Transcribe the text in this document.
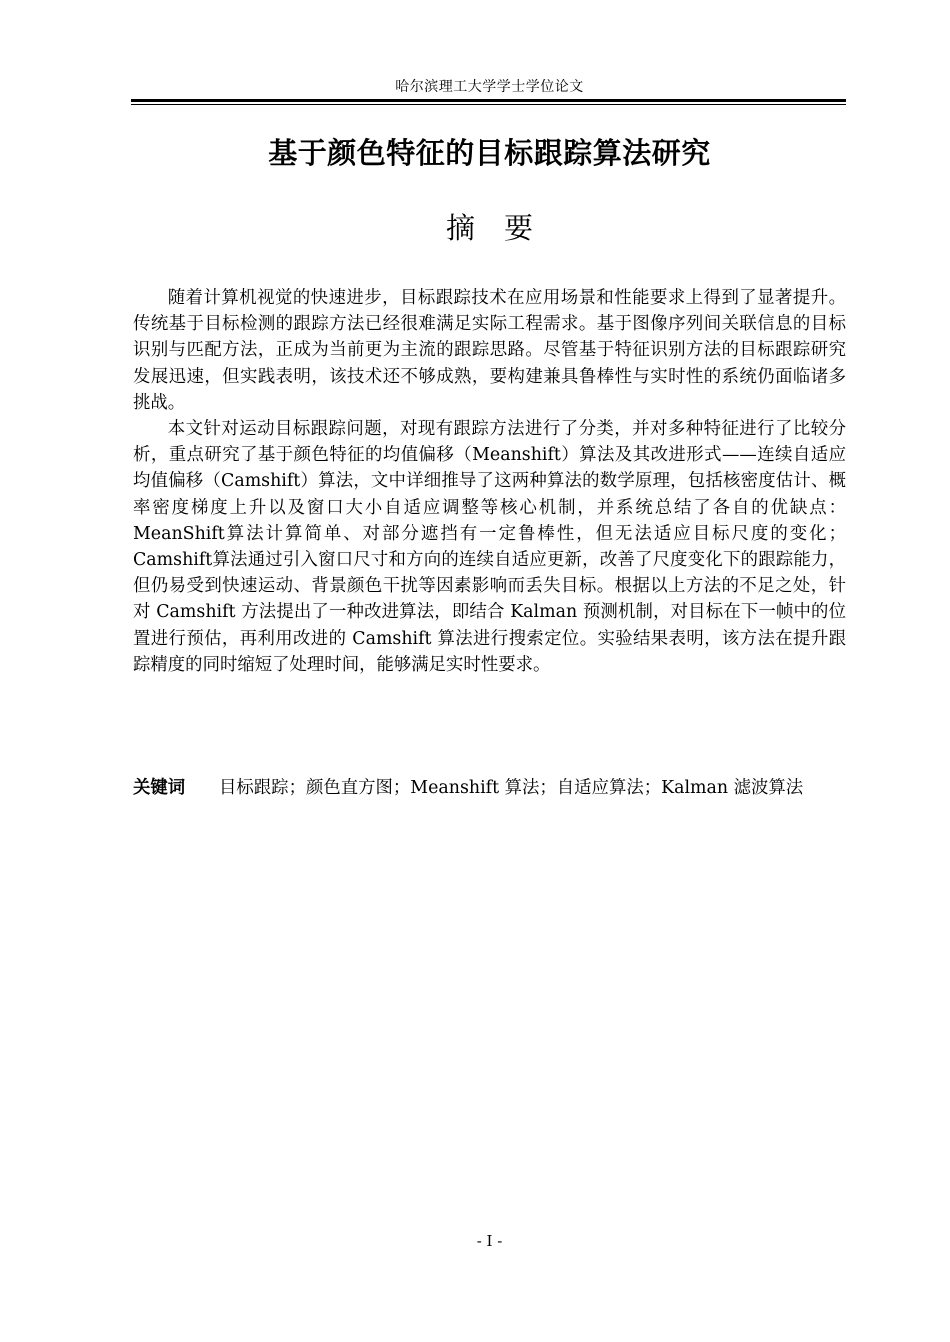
哈尔滨理工大学学士学位论文
基于颜色特征的目标跟踪算法研究
摘　要

随着计算机视觉的快速进步，目标跟踪技术在应用场景和性能要求上得到了显著提升。传统基于目标检测的跟踪方法已经很难满足实际工程需求。基于图像序列间关联信息的目标识别与匹配方法，正成为当前更为主流的跟踪思路。尽管基于特征识别方法的目标跟踪研究发展迅速，但实践表明，该技术还不够成熟，要构建兼具鲁棒性与实时性的系统仍面临诸多挑战。

本文针对运动目标跟踪问题，对现有跟踪方法进行了分类，并对多种特征进行了比较分析，重点研究了基于颜色特征的均值偏移（Meanshift）算法及其改进形式——连续自适应均值偏移（Camshift）算法，文中详细推导了这两种算法的数学原理，包括核密度估计、概率密度梯度上升以及窗口大小自适应调整等核心机制，并系统总结了各自的优缺点：MeanShift算法计算简单、对部分遮挡有一定鲁棒性，但无法适应目标尺度的变化；Camshift算法通过引入窗口尺寸和方向的连续自适应更新，改善了尺度变化下的跟踪能力，但仍易受到快速运动、背景颜色干扰等因素影响而丢失目标。根据以上方法的不足之处，针对 Camshift 方法提出了一种改进算法，即结合 Kalman 预测机制，对目标在下一帧中的位置进行预估，再利用改进的 Camshift 算法进行搜索定位。实验结果表明，该方法在提升跟踪精度的同时缩短了处理时间，能够满足实时性要求。

关键词	目标跟踪；颜色直方图；Meanshift 算法；自适应算法；Kalman 滤波算法
- I -
